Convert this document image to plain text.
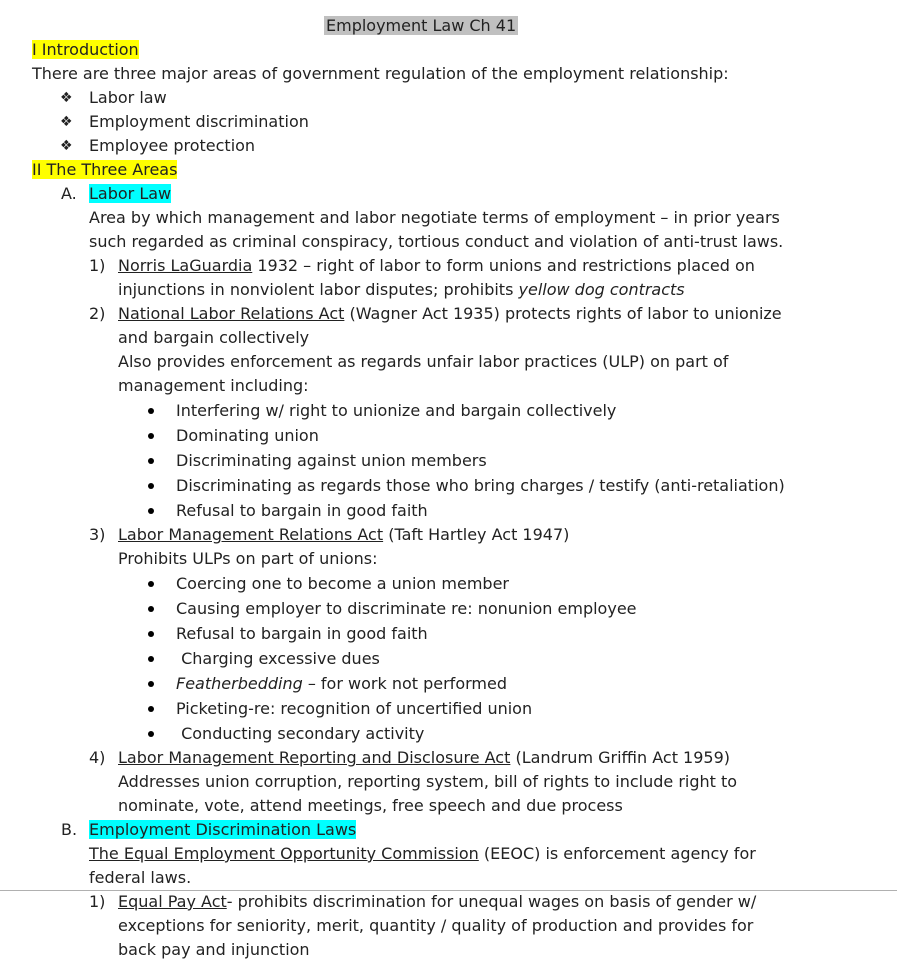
Employment Law Ch 41
I Introduction
There are three major areas of government regulation of the employment relationship:
❖ Labor law
❖ Employment discrimination
❖ Employee protection
II The Three Areas
A. Labor Law
Area by which management and labor negotiate terms of employment – in prior years
such regarded as criminal conspiracy, tortious conduct and violation of anti-trust laws.
1) Norris LaGuardia 1932 – right of labor to form unions and restrictions placed on
injunctions in nonviolent labor disputes; prohibits yellow dog contracts
2) National Labor Relations Act (Wagner Act 1935) protects rights of labor to unionize
and bargain collectively
Also provides enforcement as regards unfair labor practices (ULP) on part of
management including:
Interfering w/ right to unionize and bargain collectively
Dominating union
Discriminating against union members
Discriminating as regards those who bring charges / testify (anti-retaliation)
Refusal to bargain in good faith
3) Labor Management Relations Act (Taft Hartley Act 1947)
Prohibits ULPs on part of unions:
Coercing one to become a union member
Causing employer to discriminate re: nonunion employee
Refusal to bargain in good faith
Charging excessive dues
Featherbedding – for work not performed
Picketing-re: recognition of uncertified union
Conducting secondary activity
4) Labor Management Reporting and Disclosure Act (Landrum Griffin Act 1959)
Addresses union corruption, reporting system, bill of rights to include right to
nominate, vote, attend meetings, free speech and due process
B. Employment Discrimination Laws
The Equal Employment Opportunity Commission (EEOC) is enforcement agency for
federal laws.
1) Equal Pay Act- prohibits discrimination for unequal wages on basis of gender w/
exceptions for seniority, merit, quantity / quality of production and provides for
back pay and injunction
